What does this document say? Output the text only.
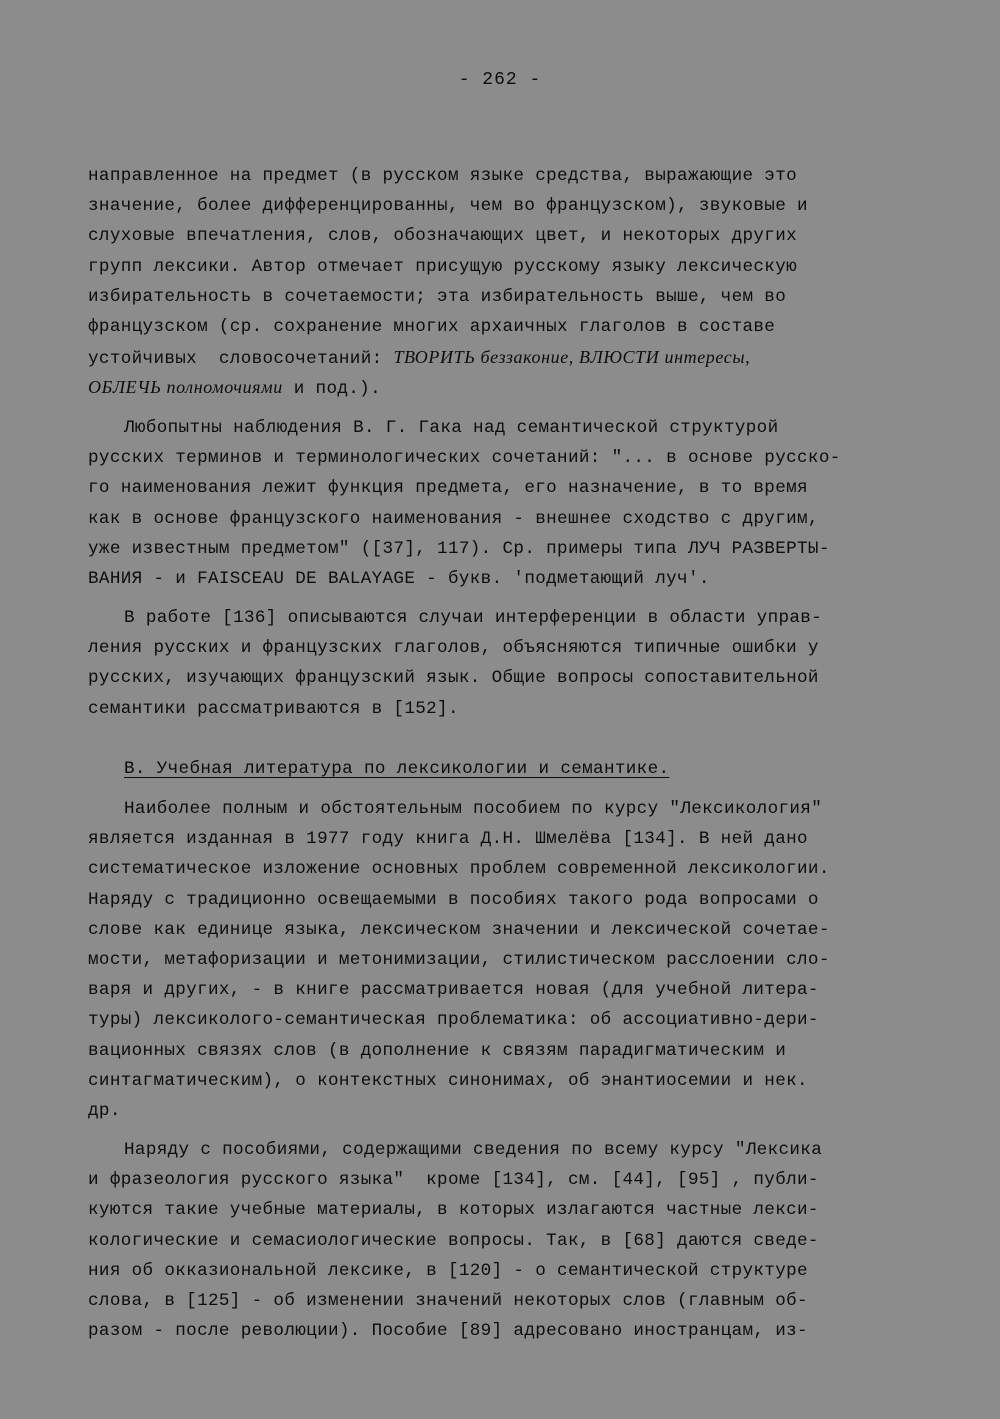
- 262 -
направленное на предмет (в русском языке средства, выражающие это
значение, более дифференцированны, чем во французском), звуковые и
слуховые впечатления, слов, обозначающих цвет, и некоторых других
групп лексики. Автор отмечает присущую русскому языку лексическую
избирательность в сочетаемости; эта избирательность выше, чем во
французском (ср. сохранение многих архаичных глаголов в составе
устойчивых  словосочетаний: ТВОРИТЬ беззаконие, ВЛЮСТИ интересы,
ОБЛЕЧЬ полномочиями и под.).
Любопытны наблюдения В. Г. Гака над семантической структурой
русских терминов и терминологических сочетаний: "... в основе русско-
го наименования лежит функция предмета, его назначение, в то время
как в основе французского наименования - внешнее сходство с другим,
уже известным предметом" ([37], 117). Ср. примеры типа ЛУЧ РАЗВЕРТЫ-
ВАНИЯ - и FAISCEAU DE BALAYAGE - букв. 'подметающий луч'.
В работе [136] описываются случаи интерференции в области управ-
ления русских и французских глаголов, объясняются типичные ошибки у
русских, изучающих французский язык. Общие вопросы сопоставительной
семантики рассматриваются в [152].
В. Учебная литература по лексикологии и семантике.
Наиболее полным и обстоятельным пособием по курсу "Лексикология"
является изданная в 1977 году книга Д.Н. Шмелёва [134]. В ней дано
систематическое изложение основных проблем современной лексикологии.
Наряду с традиционно освещаемыми в пособиях такого рода вопросами о
слове как единице языка, лексическом значении и лексической сочетае-
мости, метафоризации и метонимизации, стилистическом расслоении сло-
варя и других, - в книге рассматривается новая (для учебной литера-
туры) лексиколого-семантическая проблематика: об ассоциативно-дери-
вационных связях слов (в дополнение к связям парадигматическим и
синтагматическим), о контекстных синонимах, об энантиосемии и нек.
др.
Наряду с пособиями, содержащими сведения по всему курсу "Лексика
и фразеология русского языка"  кроме [134], см. [44], [95] , публи-
куются такие учебные материалы, в которых излагаются частные лекси-
кологические и семасиологические вопросы. Так, в [68] даются сведе-
ния об окказиональной лексике, в [120] - о семантической структуре
слова, в [125] - об изменении значений некоторых слов (главным об-
разом - после революции). Пособие [89] адресовано иностранцам, из-
